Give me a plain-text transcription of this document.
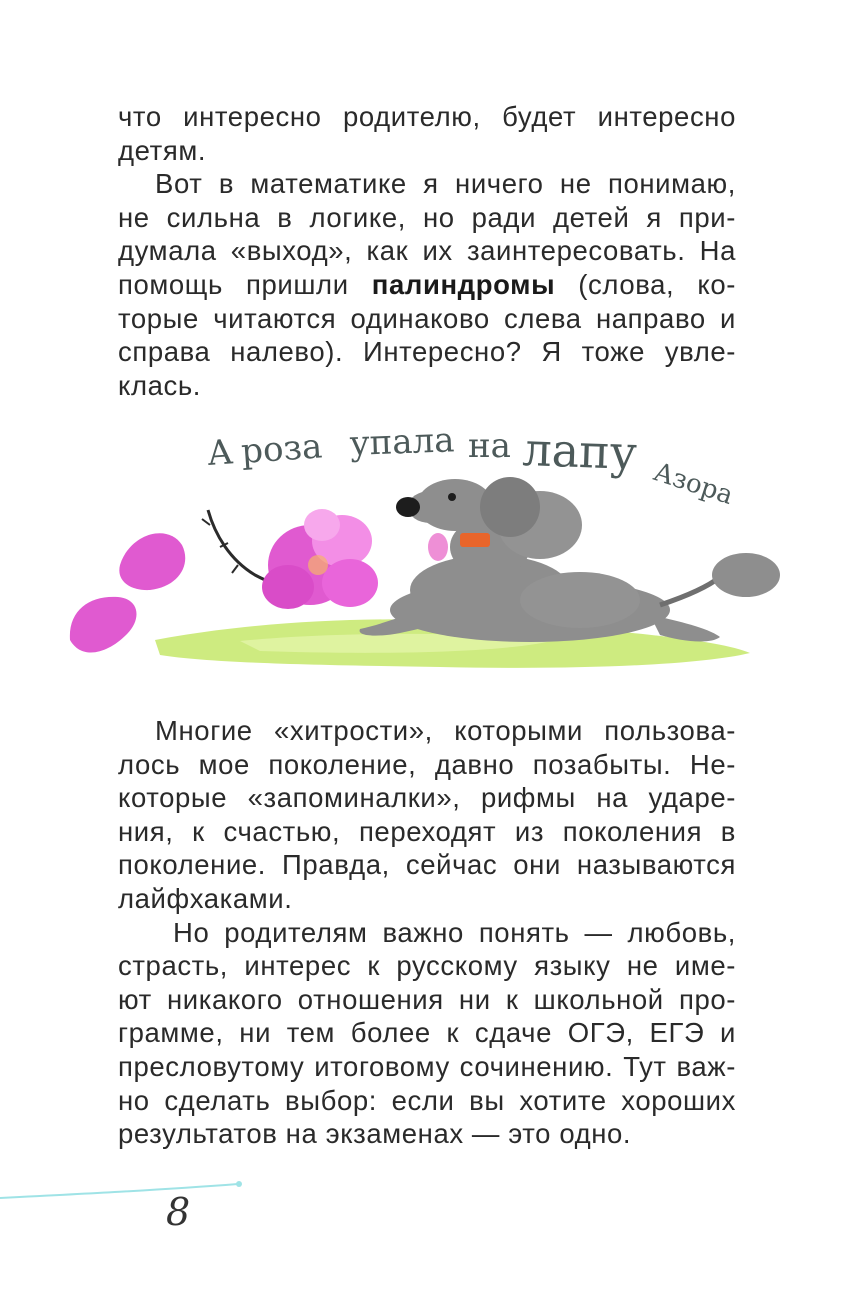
что интересно родителю, будет интересно
детям.
Вот в математике я ничего не понимаю,
не сильна в логике, но ради детей я при-
думала «выход», как их заинтересовать. На
помощь пришли палиндромы (слова, ко-
торые читаются одинаково слева направо и
справа налево). Интересно? Я тоже увле-
клась.
А роза упала на лапу
Азора
Многие «хитрости», которыми пользова-
лось мое поколение, давно позабыты. Не-
которые «запоминалки», рифмы на ударе-
ния, к счастью, переходят из поколения в
поколение. Правда, сейчас они называются
лайфхаками.
Но родителям важно понять — любовь,
страсть, интерес к русскому языку не име-
ют никакого отношения ни к школьной про-
грамме, ни тем более к сдаче ОГЭ, ЕГЭ и
пресловутому итоговому сочинению. Тут важ-
но сделать выбор: если вы хотите хороших
результатов на экзаменах — это одно.
8
